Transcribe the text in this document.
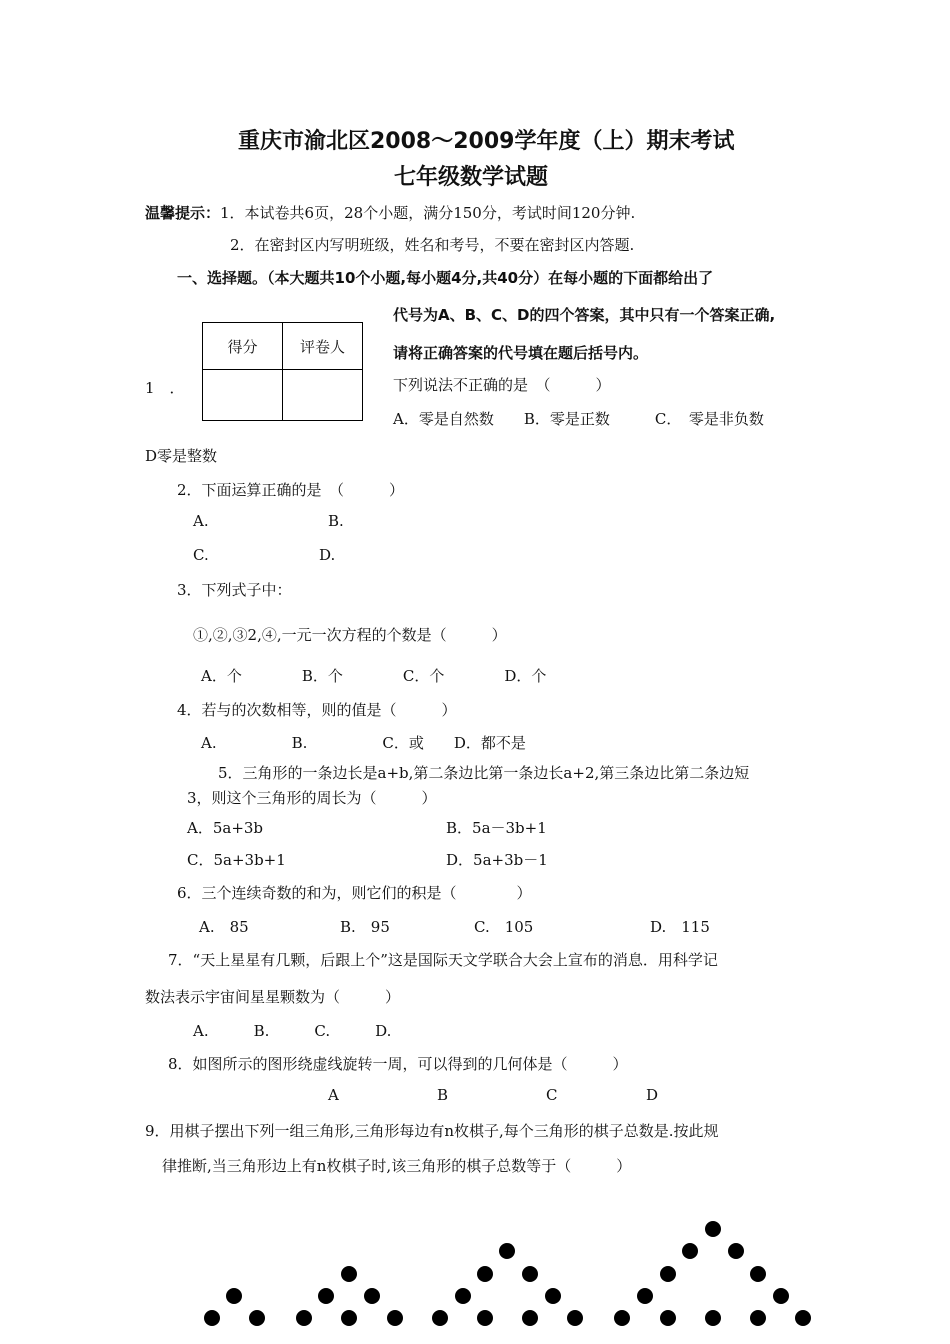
重庆市渝北区2008～2009学年度（上）期末考试
七年级数学试题
温馨提示：1．本试卷共6页，28个小题，满分150分，考试时间120分钟.
2．在密封区内写明班级，姓名和考号，不要在密封区内答题.
一、选择题。（本大题共10个小题,每小题4分,共40分）在每小题的下面都给出了
代号为A、B、C、D的四个答案，其中只有一个答案正确,
请将正确答案的代号填在题后括号内。
得分	评卷人

1　．	下列说法不正确的是　（　　　）
A．零是自然数　　B．零是正数　　　C．　零是非负数
D零是整数
2．下面运算正确的是　（　　　）
A.	B.
C.	D.
3．下列式子中：
①,②,③2,④,一元一次方程的个数是（　　　）
A．个　　　　B．个　　　　C．个　　　　D．个
4．若与的次数相等，则的值是（　　　）
A.　　　　　B.　　　　　C．或　　D．都不是
5．三角形的一条边长是a+b,第二条边比第一条边长a+2,第三条边比第二条边短
3，则这个三角形的周长为（　　　）
A．5a+3b	B．5a－3b+1
C．5a+3b+1	D．5a+3b－1
6．三个连续奇数的和为，则它们的积是（　　　　）
A.　85	B.　95	C.　105	D.　115
7．“天上星星有几颗，后跟上个”这是国际天文学联合大会上宣布的消息．用科学记
数法表示宇宙间星星颗数为（　　　）
A.　　　B.　　　C.　　　D.
8．如图所示的图形绕虚线旋转一周，可以得到的几何体是（　　　）
A	B	C	D
9．用棋子摆出下列一组三角形,三角形每边有n枚棋子,每个三角形的棋子总数是.按此规
律推断,当三角形边上有n枚棋子时,该三角形的棋子总数等于（　　　）
